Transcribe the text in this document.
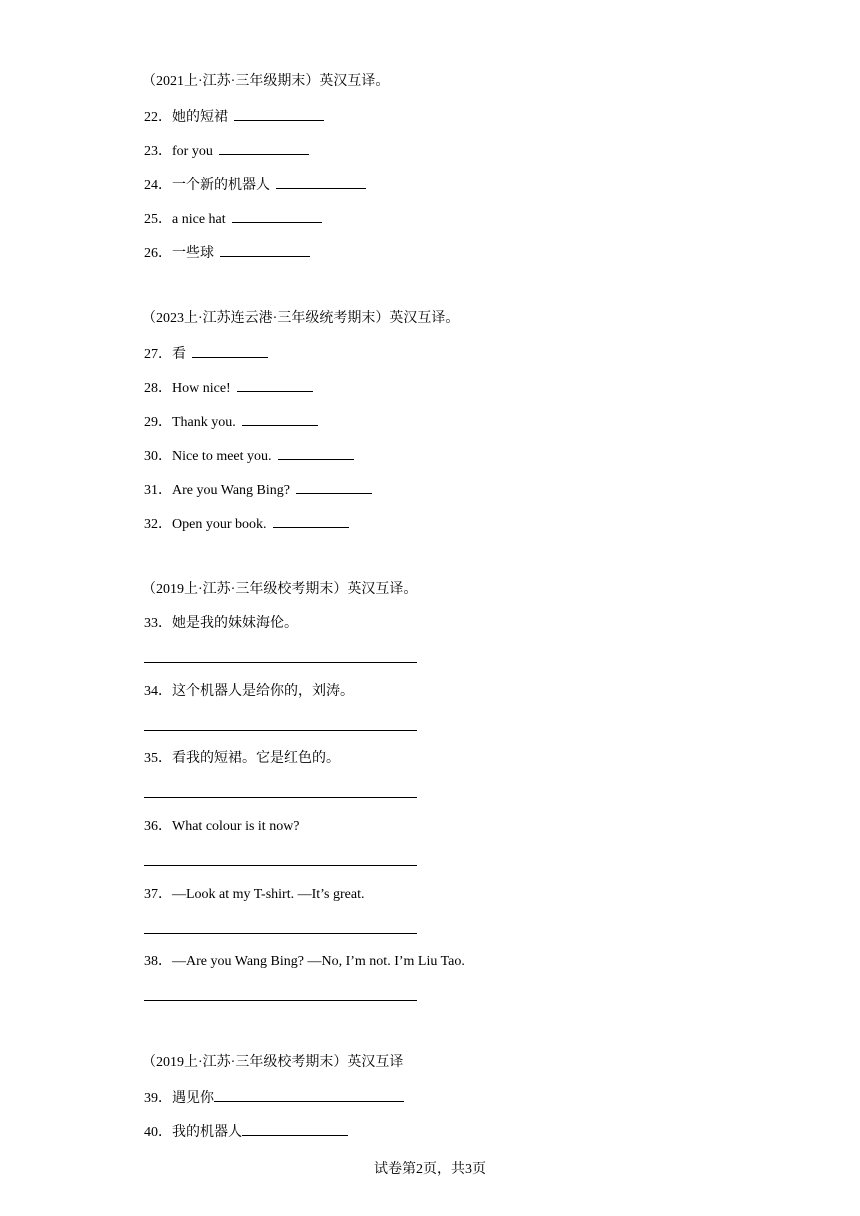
（2021上·江苏·三年级期末）英汉互译。
22．她的短裙
23．for you
24．一个新的机器人
25．a nice hat
26．一些球
（2023上·江苏连云港·三年级统考期末）英汉互译。
27．看
28．How nice!
29．Thank you.
30．Nice to meet you.
31．Are you Wang Bing?
32．Open your book.
（2019上·江苏·三年级校考期末）英汉互译。
33．她是我的妹妹海伦。
34．这个机器人是给你的，刘涛。
35．看我的短裙。它是红色的。
36．What colour is it now?
37．—Look at my T-shirt. —It’s great.
38．—Are you Wang Bing? —No, I’m not. I’m Liu Tao.
（2019上·江苏·三年级校考期末）英汉互译
39．遇见你
40．我的机器人
试卷第2页，共3页
